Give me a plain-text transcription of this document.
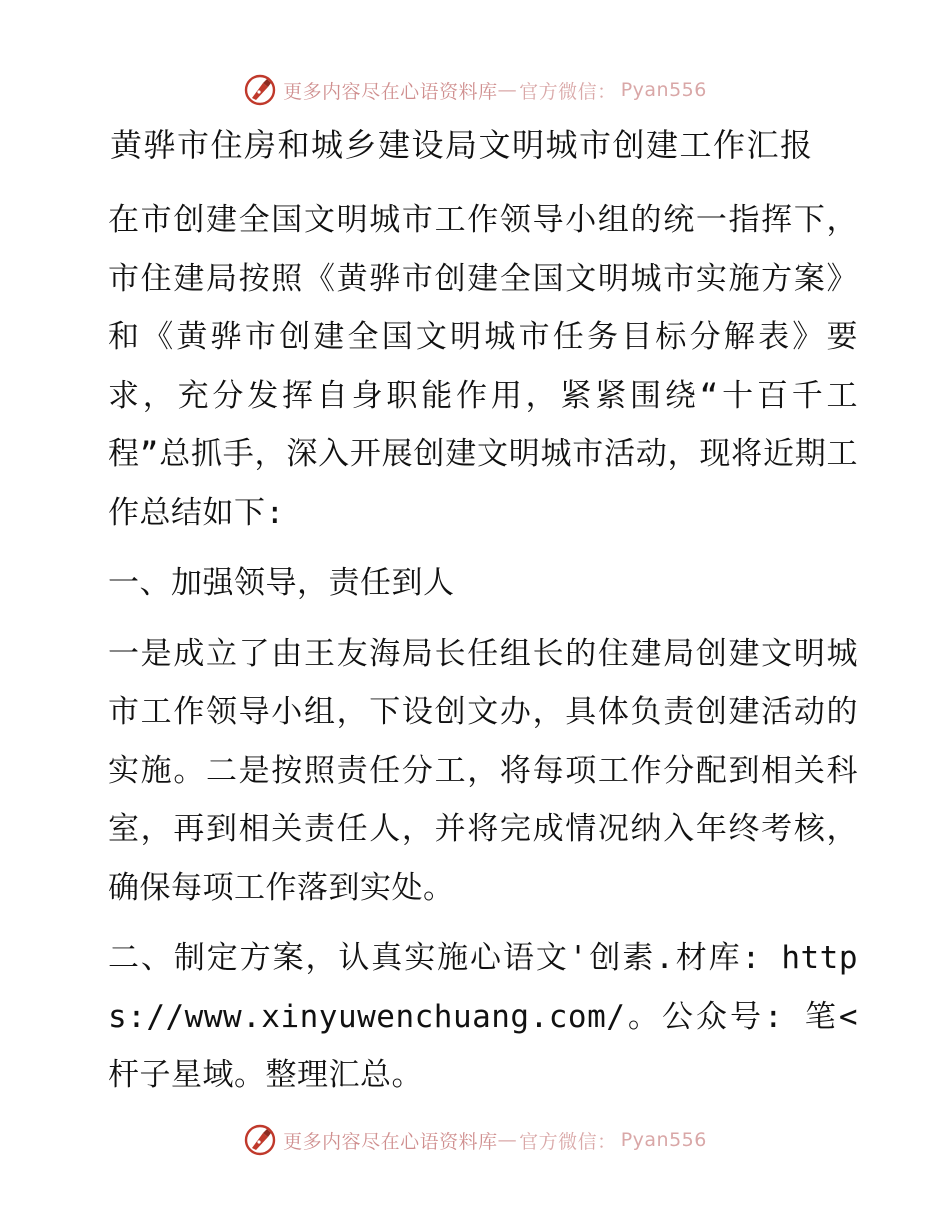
更多内容尽在心语资料库 — 官方微信： Pyan556
黄骅市住房和城乡建设局文明城市创建工作汇报

在市创建全国文明城市工作领导小组的统一指挥下，市住建局按照《黄骅市创建全国文明城市实施方案》和《黄骅市创建全国文明城市任务目标分解表》要求，充分发挥自身职能作用，紧紧围绕“十百千工程”总抓手，深入开展创建文明城市活动，现将近期工作总结如下:

一、加强领导，责任到人

一是成立了由王友海局长任组长的住建局创建文明城市工作领导小组，下设创文办，具体负责创建活动的实施。二是按照责任分工，将每项工作分配到相关科室，再到相关责任人，并将完成情况纳入年终考核，确保每项工作落到实处。

二、制定方案，认真实施心语文'创素.材库: https://www.xinyuwenchuang.com/。公众号: 笔<杆子星域。整理汇总。

更多内容尽在心语资料库 — 官方微信： Pyan556
